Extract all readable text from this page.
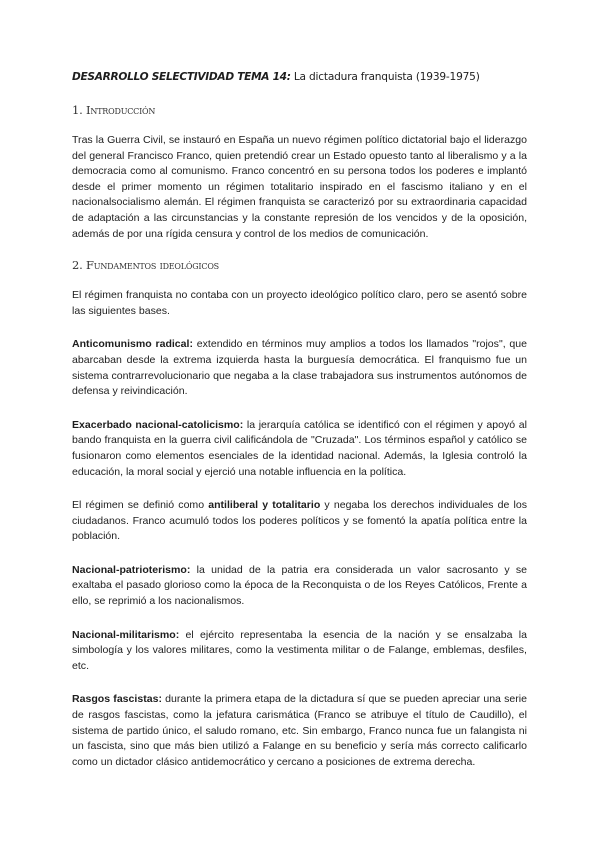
DESARROLLO SELECTIVIDAD TEMA 14: La dictadura franquista (1939-1975)
1. Introducción

Tras la Guerra Civil, se instauró en España un nuevo régimen político dictatorial bajo el liderazgo del general Francisco Franco, quien pretendió crear un Estado opuesto tanto al liberalismo y a la democracia como al comunismo. Franco concentró en su persona todos los poderes e implantó desde el primer momento un régimen totalitario inspirado en el fascismo italiano y en el nacionalsocialismo alemán. El régimen franquista se caracterizó por su extraordinaria capacidad de adaptación a las circunstancias y la constante represión de los vencidos y de la oposición, además de por una rígida censura y control de los medios de comunicación.

2. Fundamentos ideológicos

El régimen franquista no contaba con un proyecto ideológico político claro, pero se asentó sobre las siguientes bases.

Anticomunismo radical: extendido en términos muy amplios a todos los llamados "rojos", que abarcaban desde la extrema izquierda hasta la burguesía democrática. El franquismo fue un sistema contrarrevolucionario que negaba a la clase trabajadora sus instrumentos autónomos de defensa y reivindicación.

Exacerbado nacional-catolicismo: la jerarquía católica se identificó con el régimen y apoyó al bando franquista en la guerra civil calificándola de "Cruzada". Los términos español y católico se fusionaron como elementos esenciales de la identidad nacional. Además, la Iglesia controló la educación, la moral social y ejerció una notable influencia en la política.

El régimen se definió como antiliberal y totalitario y negaba los derechos individuales de los ciudadanos. Franco acumuló todos los poderes políticos y se fomentó la apatía política entre la población.

Nacional-patrioterismo: la unidad de la patria era considerada un valor sacrosanto y se exaltaba el pasado glorioso como la época de la Reconquista o de los Reyes Católicos, Frente a ello, se reprimió a los nacionalismos.

Nacional-militarismo: el ejército representaba la esencia de la nación y se ensalzaba la simbología y los valores militares, como la vestimenta militar o de Falange, emblemas, desfiles, etc.

Rasgos fascistas: durante la primera etapa de la dictadura sí que se pueden apreciar una serie de rasgos fascistas, como la jefatura carismática (Franco se atribuye el título de Caudillo), el sistema de partido único, el saludo romano, etc. Sin embargo, Franco nunca fue un falangista ni un fascista, sino que más bien utilizó a Falange en su beneficio y sería más correcto calificarlo como un dictador clásico antidemocrático y cercano a posiciones de extrema derecha.
